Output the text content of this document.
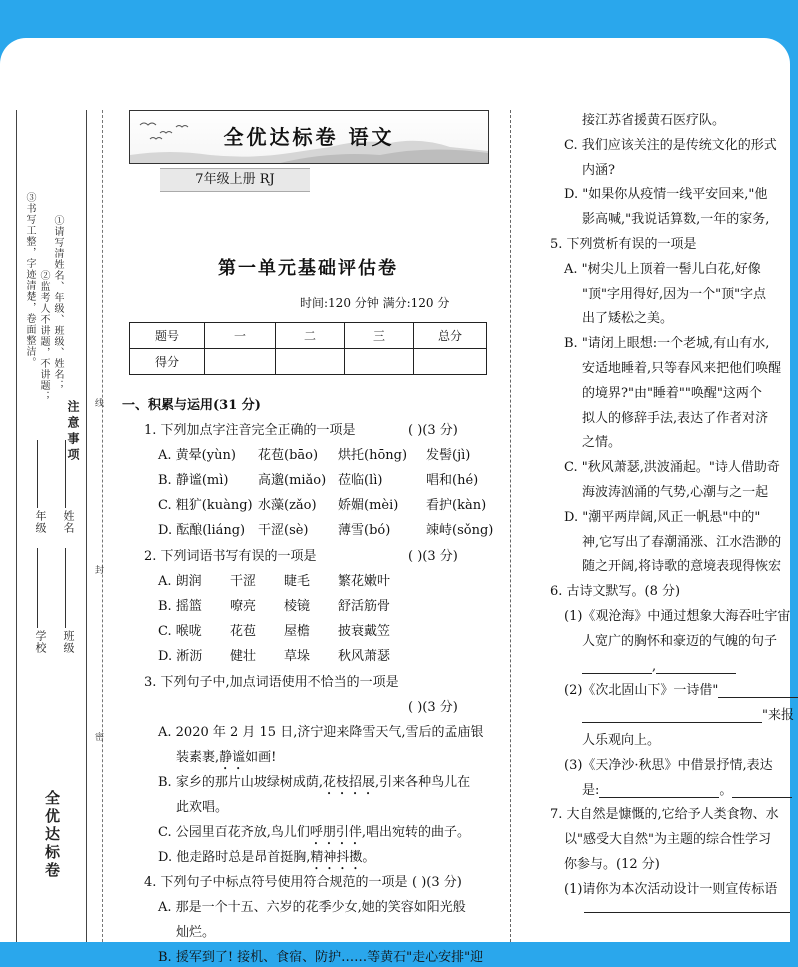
注意事项
①请写清姓名、年级、班级、姓名；
②监考人不讲题，不讲题；
③书写工整，字迹清楚，卷面整洁。
学校
年级
班级
姓名
线
封
密
全优达标卷
全优达标卷 语文
7年级上册 RJ
第一单元基础评估卷
时间:120 分钟 满分:120 分
题号	一	二	三	总分
得分				
一、积累与运用(31 分)
1. 下列加点字注音完全正确的一项是	( )(3 分)
A. 黄晕(yùn) 花苞(bāo) 烘托(hōng) 发髻(jì)
B. 静谧(mì) 高邈(miǎo) 莅临(lì)	唱和(hé)
C. 粗犷(kuàng) 水藻(zǎo) 娇媚(mèi) 看护(kàn)
D. 酝酿(liáng) 干涩(sè) 薄雪(bó)	竦峙(sǒng)
2. 下列词语书写有误的一项是	( )(3 分)
A. 朗润 干涩 睫毛 繁花嫩叶
B. 摇篮 嘹亮 棱镜 舒活筋骨
C. 喉咙 花苞 屋檐 披衰戴笠
D. 淅沥 健壮 草垛 秋风萧瑟
3. 下列句子中,加点词语使用不恰当的一项是
( )(3 分)
A. 2020 年 2 月 15 日,济宁迎来降雪天气,雪后的孟庙银
装素裹,静谧如画!
B. 家乡的那片山坡绿树成荫,花枝招展,引来各种鸟儿在
此欢唱。
C. 公园里百花齐放,鸟儿们呼朋引伴,唱出宛转的曲子。
D. 他走路时总是昂首挺胸,精神抖擞。
4. 下列句子中标点符号使用符合规范的一项是 ( )(3 分)
A. 那是一个十五、六岁的花季少女,她的笑容如阳光般
灿烂。
接江苏省援黄石医疗队。
C. 我们应该关注的是传统文化的形式
内涵?
D. "如果你从疫情一线平安回来,"他
影高喊,"我说话算数,一年的家务,
5. 下列赏析有误的一项是
A. "树尖儿上顶着一髻儿白花,好像
"顶"字用得好,因为一个"顶"字点
出了矮松之美。
B. "请闭上眼想:一个老城,有山有水,
安适地睡着,只等春风来把他们唤醒
的境界?"由"睡着""唤醒"这两个
拟人的修辞手法,表达了作者对济
之情。
C. "秋风萧瑟,洪波涌起。"诗人借助奇
海波涛汹涌的气势,心潮与之一起
D. "潮平两岸阔,风正一帆悬"中的"
神,它写出了春潮涌涨、江水浩渺的
随之开阔,将诗歌的意境表现得恢宏
6. 古诗文默写。(8 分)
(1)《观沧海》中通过想象大海吞吐宇宙
人宽广的胸怀和豪迈的气魄的句子
,
(2)《次北固山下》一诗借"
"来报
人乐观向上。
(3)《天净沙·秋思》中借景抒情,表达
是:	。
7. 大自然是慷慨的,它给予人类食物、水
以"感受大自然"为主题的综合性学习
你参与。(12 分)
(1)请你为本次活动设计一则宣传标语
B. 援军到了! 接机、食宿、防护……等黄石"走心安排"迎
